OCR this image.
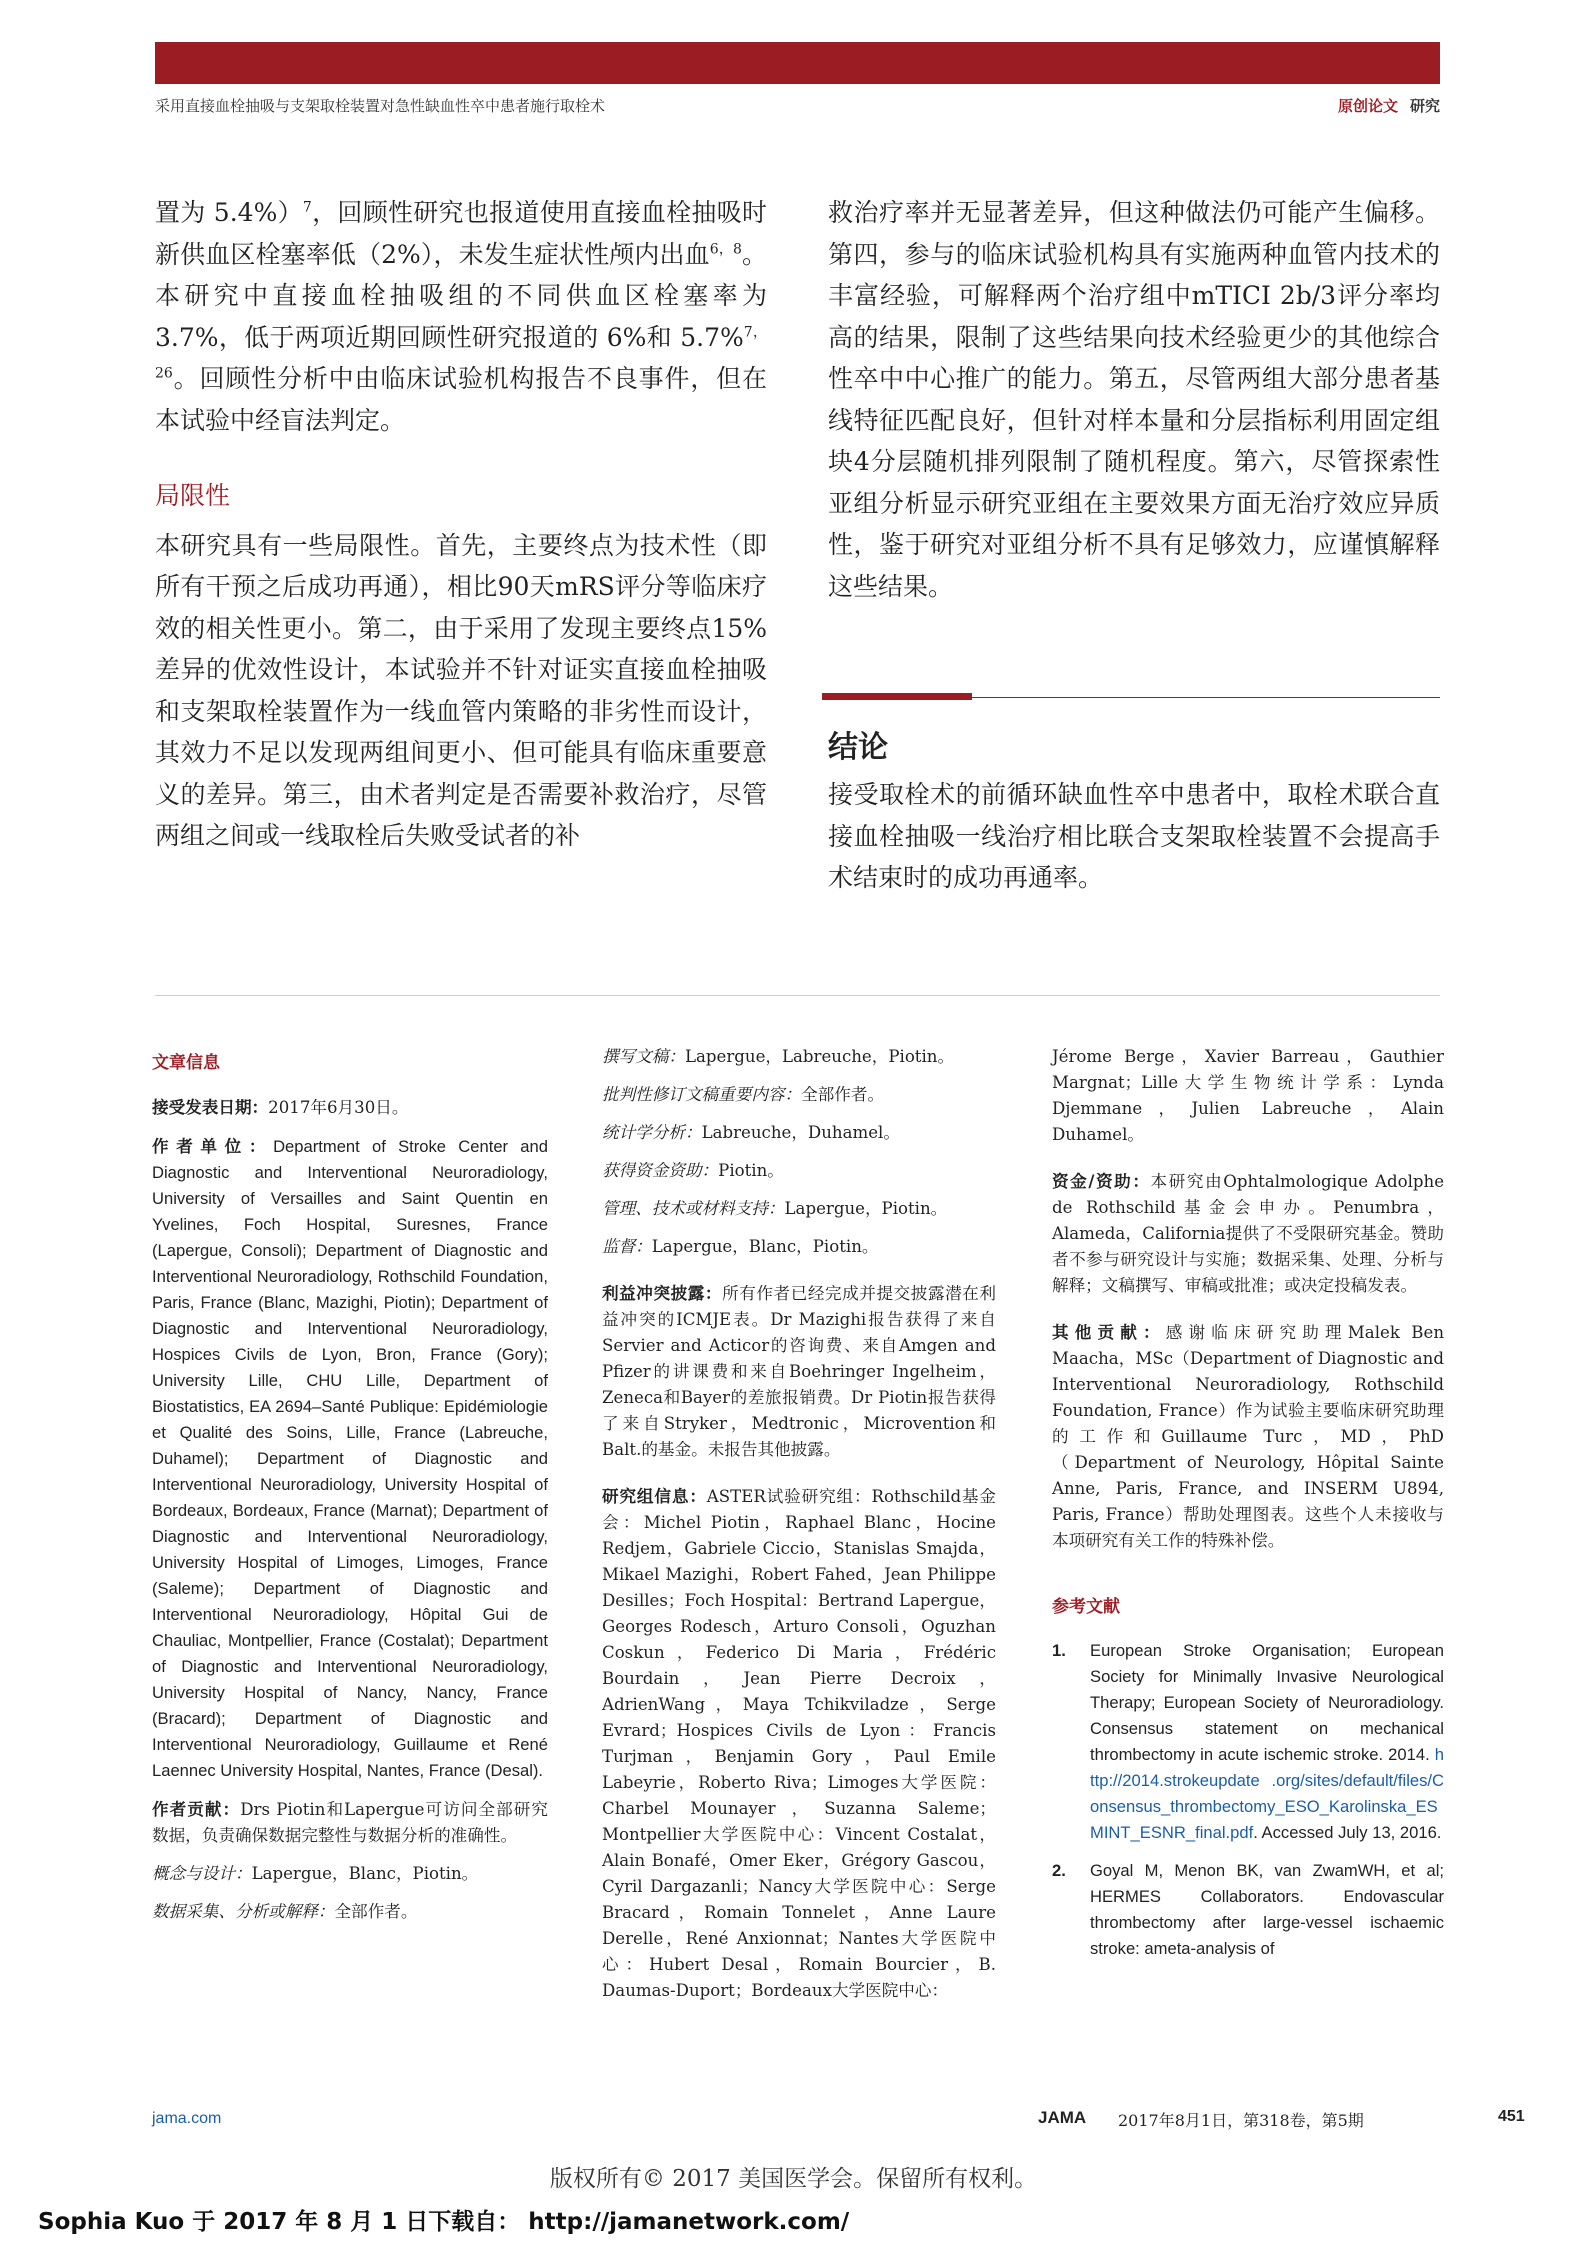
采用直接血栓抽吸与支架取栓装置对急性缺血性卒中患者施行取栓术	原创论文 研究

置为 5.4%）$^7$，回顾性研究也报道使用直接血栓抽吸时新供血区栓塞率低（2%），未发生症状性颅内出血$^{6,8}$。本研究中直接血栓抽吸组的不同供血区栓塞率为3.7%，低于两项近期回顾性研究报道的 6%和 5.7%$^{7,26}$。回顾性分析中由临床试验机构报告不良事件，但在本试验中经盲法判定。

局限性

本研究具有一些局限性。首先，主要终点为技术性（即所有干预之后成功再通），相比90天mRS评分等临床疗效的相关性更小。第二，由于采用了发现主要终点15%差异的优效性设计，本试验并不针对证实直接血栓抽吸和支架取栓装置作为一线血管内策略的非劣性而设计，其效力不足以发现两组间更小、但可能具有临床重要意义的差异。第三，由术者判定是否需要补救治疗，尽管两组之间或一线取栓后失败受试者的补

救治疗率并无显著差异，但这种做法仍可能产生偏移。第四，参与的临床试验机构具有实施两种血管内技术的丰富经验，可解释两个治疗组中mTICI 2b/3评分率均高的结果，限制了这些结果向技术经验更少的其他综合性卒中中心推广的能力。第五，尽管两组大部分患者基线特征匹配良好，但针对样本量和分层指标利用固定组块4分层随机排列限制了随机程度。第六，尽管探索性亚组分析显示研究亚组在主要效果方面无治疗效应异质性，鉴于研究对亚组分析不具有足够效力，应谨慎解释这些结果。

结论

接受取栓术的前循环缺血性卒中患者中，取栓术联合直接血栓抽吸一线治疗相比联合支架取栓装置不会提高手术结束时的成功再通率。

文章信息

接受发表日期：2017年6月30日。

作者单位：Department of Stroke Center and Diagnostic and Interventional Neuroradiology, University of Versailles and Saint Quentin en Yvelines, Foch Hospital, Suresnes, France (Lapergue, Consoli); Department of Diagnostic and Interventional Neuroradiology, Rothschild Foundation, Paris, France (Blanc, Mazighi, Piotin); Department of Diagnostic and Interventional Neuroradiology, Hospices Civils de Lyon, Bron, France (Gory); University Lille, CHU Lille, Department of Biostatistics, EA 2694–Santé Publique: Epidémiologie et Qualité des Soins, Lille, France (Labreuche, Duhamel); Department of Diagnostic and Interventional Neuroradiology, University Hospital of Bordeaux, Bordeaux, France (Marnat); Department of Diagnostic and Interventional Neuroradiology, University Hospital of Limoges, Limoges, France (Saleme); Department of Diagnostic and Interventional Neuroradiology, Hôpital Gui de Chauliac, Montpellier, France (Costalat); Department of Diagnostic and Interventional Neuroradiology, University Hospital of Nancy, Nancy, France (Bracard); Department of Diagnostic and Interventional Neuroradiology, Guillaume et René Laennec University Hospital, Nantes, France (Desal).

作者贡献：Drs Piotin和Lapergue可访问全部研究数据，负责确保数据完整性与数据分析的准确性。

概念与设计：Lapergue，Blanc，Piotin。

数据采集、分析或解释：全部作者。

撰写文稿：Lapergue，Labreuche，Piotin。

批判性修订文稿重要内容：全部作者。

统计学分析：Labreuche，Duhamel。

获得资金资助：Piotin。

管理、技术或材料支持：Lapergue，Piotin。

监督：Lapergue，Blanc，Piotin。

利益冲突披露：所有作者已经完成并提交披露潜在利益冲突的ICMJE表。Dr Mazighi报告获得了来自Servier and Acticor的咨询费、来自Amgen and Pfizer的讲课费和来自Boehringer Ingelheim，Zeneca和Bayer的差旅报销费。Dr Piotin报告获得了来自Stryker，Medtronic，Microvention和Balt.的基金。未报告其他披露。

研究组信息：ASTER试验研究组：Rothschild基金会：Michel Piotin，Raphael Blanc，Hocine Redjem，Gabriele Ciccio，Stanislas Smajda，Mikael Mazighi，Robert Fahed，Jean Philippe Desilles；Foch Hospital：Bertrand Lapergue，Georges Rodesch，Arturo Consoli，Oguzhan Coskun，Federico Di Maria，Frédéric Bourdain，Jean Pierre Decroix，AdrienWang，Maya Tchikviladze，Serge Evrard；Hospices Civils de Lyon：Francis Turjman，Benjamin Gory，Paul Emile Labeyrie，Roberto Riva；Limoges大学医院：Charbel Mounayer，Suzanna Saleme；Montpellier大学医院中心：Vincent Costalat，Alain Bonafé，Omer Eker，Grégory Gascou，Cyril Dargazanli；Nancy大学医院中心：Serge Bracard，Romain Tonnelet，Anne Laure Derelle，René Anxionnat；Nantes大学医院中心：Hubert Desal，Romain Bourcier，B. Daumas-Duport；Bordeaux大学医院中心：

Jérome Berge，Xavier Barreau，Gauthier Margnat；Lille大学生物统计学系：Lynda Djemmane，Julien Labreuche，Alain Duhamel。

资金/资助：本研究由Ophtalmologique Adolphe de Rothschild基金会申办。Penumbra，Alameda，California提供了不受限研究基金。赞助者不参与研究设计与实施；数据采集、处理、分析与解释；文稿撰写、审稿或批准；或决定投稿发表。

其他贡献：感谢临床研究助理Malek Ben Maacha，MSc（Department of Diagnostic and Interventional Neuroradiology, Rothschild Foundation, France）作为试验主要临床研究助理的工作和Guillaume Turc，MD，PhD（Department of Neurology, Hôpital Sainte Anne, Paris, France, and INSERM U894, Paris, France）帮助处理图表。这些个人未接收与本项研究有关工作的特殊补偿。

参考文献

1. European Stroke Organisation; European Society for Minimally Invasive Neurological Therapy; European Society of Neuroradiology. Consensus statement on mechanical thrombectomy in acute ischemic stroke. 2014. http://2014.strokeupdate .org/sites/default/files/Consensus_thrombectomy_ESO_Karolinska_ESMINT_ESNR_final.pdf. Accessed July 13, 2016.
2. Goyal M, Menon BK, van ZwamWH, et al; HERMES Collaborators. Endovascular thrombectomy after large-vessel ischaemic stroke: ameta-analysis of
jama.com	JAMA 2017年8月1日，第318卷，第5期	451
版权所有© 2017 美国医学会。保留所有权利。
Sophia Kuo 于 2017 年 8 月 1 日下载自： http://jamanetwork.com/
